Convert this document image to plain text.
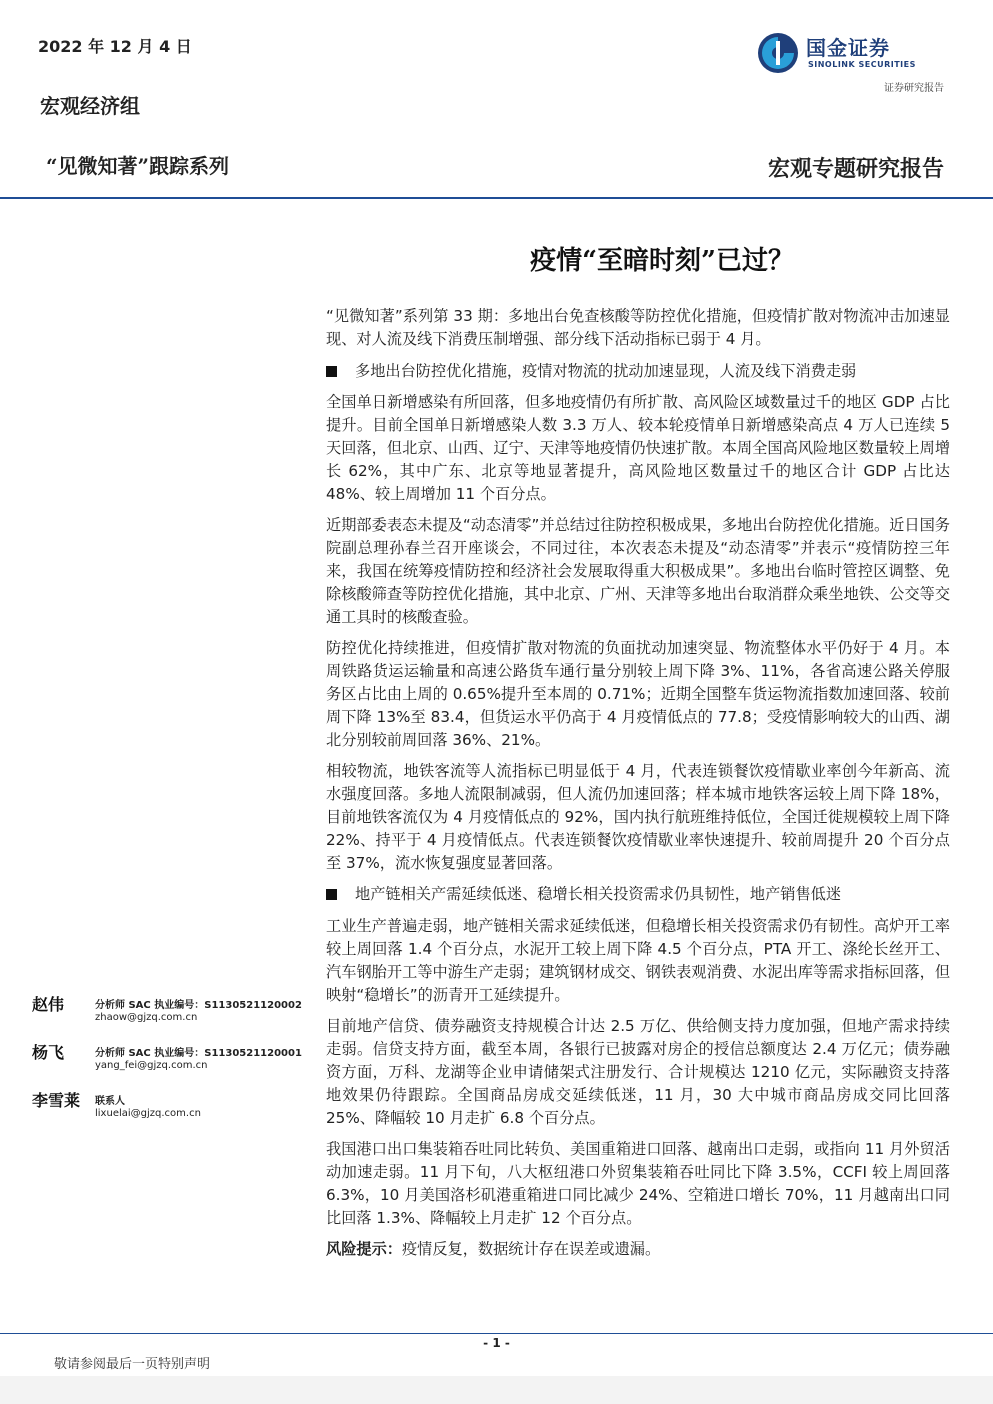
2022 年 12 月 4 日
宏观经济组
“见微知著”跟踪系列
国金证券
SINOLINK SECURITIES
证券研究报告
宏观专题研究报告
疫情“至暗时刻”已过？

“见微知著”系列第 33 期：多地出台免查核酸等防控优化措施，但疫情扩散对物流冲击加速显现、对人流及线下消费压制增强、部分线下活动指标已弱于 4 月。

多地出台防控优化措施，疫情对物流的扰动加速显现，人流及线下消费走弱

全国单日新增感染有所回落，但多地疫情仍有所扩散、高风险区域数量过千的地区 GDP 占比提升。目前全国单日新增感染人数 3.3 万人、较本轮疫情单日新增感染高点 4 万人已连续 5 天回落，但北京、山西、辽宁、天津等地疫情仍快速扩散。本周全国高风险地区数量较上周增长 62%，其中广东、北京等地显著提升，高风险地区数量过千的地区合计 GDP 占比达 48%、较上周增加 11 个百分点。

近期部委表态未提及“动态清零”并总结过往防控积极成果，多地出台防控优化措施。近日国务院副总理孙春兰召开座谈会，不同过往，本次表态未提及“动态清零”并表示“疫情防控三年来，我国在统筹疫情防控和经济社会发展取得重大积极成果”。多地出台临时管控区调整、免除核酸筛查等防控优化措施，其中北京、广州、天津等多地出台取消群众乘坐地铁、公交等交通工具时的核酸查验。

防控优化持续推进，但疫情扩散对物流的负面扰动加速突显、物流整体水平仍好于 4 月。本周铁路货运运输量和高速公路货车通行量分别较上周下降 3%、11%，各省高速公路关停服务区占比由上周的 0.65%提升至本周的 0.71%；近期全国整车货运物流指数加速回落、较前周下降 13%至 83.4，但货运水平仍高于 4 月疫情低点的 77.8；受疫情影响较大的山西、湖北分别较前周回落 36%、21%。

相较物流，地铁客流等人流指标已明显低于 4 月，代表连锁餐饮疫情歇业率创今年新高、流水强度回落。多地人流限制减弱，但人流仍加速回落；样本城市地铁客运较上周下降 18%，目前地铁客流仅为 4 月疫情低点的 92%，国内执行航班维持低位，全国迁徙规模较上周下降 22%、持平于 4 月疫情低点。代表连锁餐饮疫情歇业率快速提升、较前周提升 20 个百分点至 37%，流水恢复强度显著回落。

地产链相关产需延续低迷、稳增长相关投资需求仍具韧性，地产销售低迷

工业生产普遍走弱，地产链相关需求延续低迷，但稳增长相关投资需求仍有韧性。高炉开工率较上周回落 1.4 个百分点，水泥开工较上周下降 4.5 个百分点，PTA 开工、涤纶长丝开工、汽车钢胎开工等中游生产走弱；建筑钢材成交、钢铁表观消费、水泥出库等需求指标回落，但映射“稳增长”的沥青开工延续提升。

目前地产信贷、债券融资支持规模合计达 2.5 万亿、供给侧支持力度加强，但地产需求持续走弱。信贷支持方面，截至本周，各银行已披露对房企的授信总额度达 2.4 万亿元；债券融资方面，万科、龙湖等企业申请储架式注册发行、合计规模达 1210 亿元，实际融资支持落地效果仍待跟踪。全国商品房成交延续低迷，11 月，30 大中城市商品房成交同比回落 25%、降幅较 10 月走扩 6.8 个百分点。

我国港口出口集装箱吞吐同比转负、美国重箱进口回落、越南出口走弱，或指向 11 月外贸活动加速走弱。11 月下旬，八大枢纽港口外贸集装箱吞吐同比下降 3.5%，CCFI 较上周回落 6.3%，10 月美国洛杉矶港重箱进口同比减少 24%、空箱进口增长 70%，11 月越南出口同比回落 1.3%、降幅较上月走扩 12 个百分点。

风险提示：疫情反复，数据统计存在误差或遗漏。

赵伟	分析师 SAC 执业编号：S1130521120002
zhaow@gjzq.com.cn
杨飞	分析师 SAC 执业编号：S1130521120001
yang_fei@gjzq.com.cn
李雪莱 联系人
lixuelai@gjzq.com.cn
- 1 -
敬请参阅最后一页特别声明
